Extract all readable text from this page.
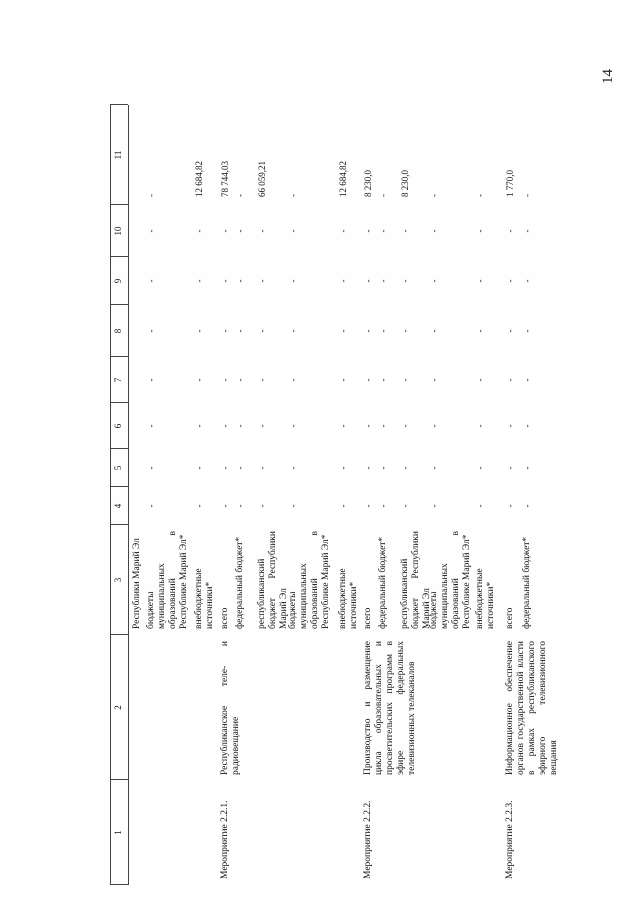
1
2
3
4
5
6
7
8
9
10
11
Республики Марий Эл бюджеты муниципальных образований в Республике Марий Эл*
-
-
-
-
-
-
-
-
внебюджетные источники*
-
-
-
-
-
-
-
12 684,82
Мероприятие 2.2.1.
Республиканское теле- и радиовещание
всего
-
-
-
-
-
-
-
78 744,03
федеральный бюджет*
-
-
-
-
-
-
-
-
республиканский бюджет Республики Марий Эл
-
-
-
-
-
-
-
66 059,21
бюджеты муниципальных образований в Республике Марий Эл*
-
-
-
-
-
-
-
-
внебюджетные источники*
-
-
-
-
-
-
-
12 684,82
Мероприятие 2.2.2.
Производство и размещение цикла образовательных и просветительских программ в эфире федеральных телевизионных телеканалов
всего
-
-
-
-
-
-
-
8 230,0
федеральный бюджет*
-
-
-
-
-
-
-
-
республиканский бюджет Республики Марий Эл
-
-
-
-
-
-
-
8 230,0
бюджеты муниципальных образований в Республике Марий Эл*
-
-
-
-
-
-
-
-
внебюджетные источники*
-
-
-
-
-
-
-
-
Мероприятие 2.2.3.
Информационное обеспечение органов государственной власти в рамках республиканского эфирного телевизионного вещания
всего
-
-
-
-
-
-
-
1 770,0
федеральный бюджет*
-
-
-
-
-
-
-
-
14
